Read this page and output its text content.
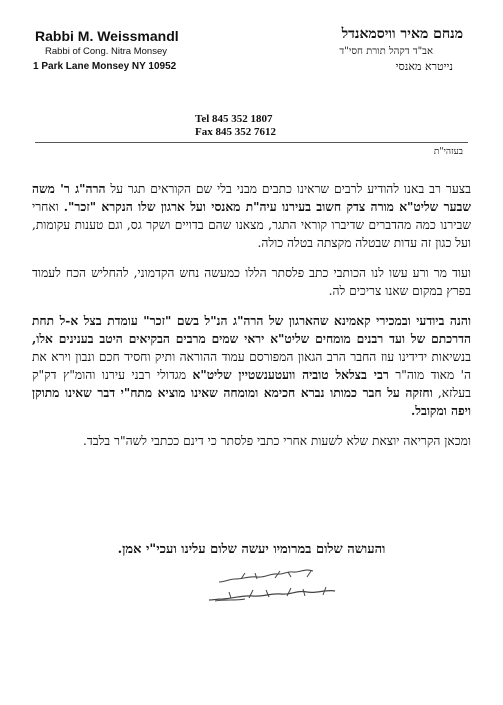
Rabbi M. Weissmandl

Rabbi of Cong. Nitra Monsey

1 Park Lane Monsey NY 10952

מנחם מאיר וויסמאנדל

אב"ד דקהל תורת חסי"ד

נייטרא מאנסי

Tel 845 352 1807
Fax 845 352 7612
בעזהי"ת

בצער רב באנו להודיע לרבים שראינו כתבים מבני בלי שם הקוראים תגר על הרה"ג ר' משה שבער שליט"א מורה צדק חשוב בעירנו עיה"ת מאנסי ועל ארגון שלו הנקרא "זכר". ואחרי שבירנו כמה מהדברים שדיברו קוראי התגר, מצאנו שהם בדויים ושקר גס, וגם טענות עקומות, ועל כגון זה עדות שבטלה מקצתה בטלה כולה.

ועוד מר ורע עשו לנו הכותבי כתב פלסתר הללו כמעשה נחש הקדמוני, להחליש הכח לעמוד בפרץ במקום שאנו צריכים לה.

והנה ביודעי ובמכירי קאמינא שהארגון של הרה"ג הנ"ל בשם "זכר" עומדת בצל א-ל תחת הדרכתם של ועד רבנים מומחים שליט"א יראי שמים מרבים הבקיאים היטב בענינים אלו, בנשיאות ידידינו עוז החבר הרב הגאון המפורסם עמוד ההוראה ותיק וחסיד חכם ונבון וירא את ה' מאוד מוה"ר רבי בצלאל טוביה וועטענשטיין שליט"א מגדולי רבני עירנו והומ"ץ דק"ק בעלזא, וחזקה על חבר כמותו נברא חכימא ומומחה שאינו מוציא מתח"י דבר שאינו מתוקן ויפה ומקובל.

ומכאן הקריאה יוצאת שלא לשעות אחרי כתבי פלסתר כי דינם ככתבי לשה"ר בלבד.

והעושה שלום במרומיו יעשה שלום עלינו ועכי"י אמן.
